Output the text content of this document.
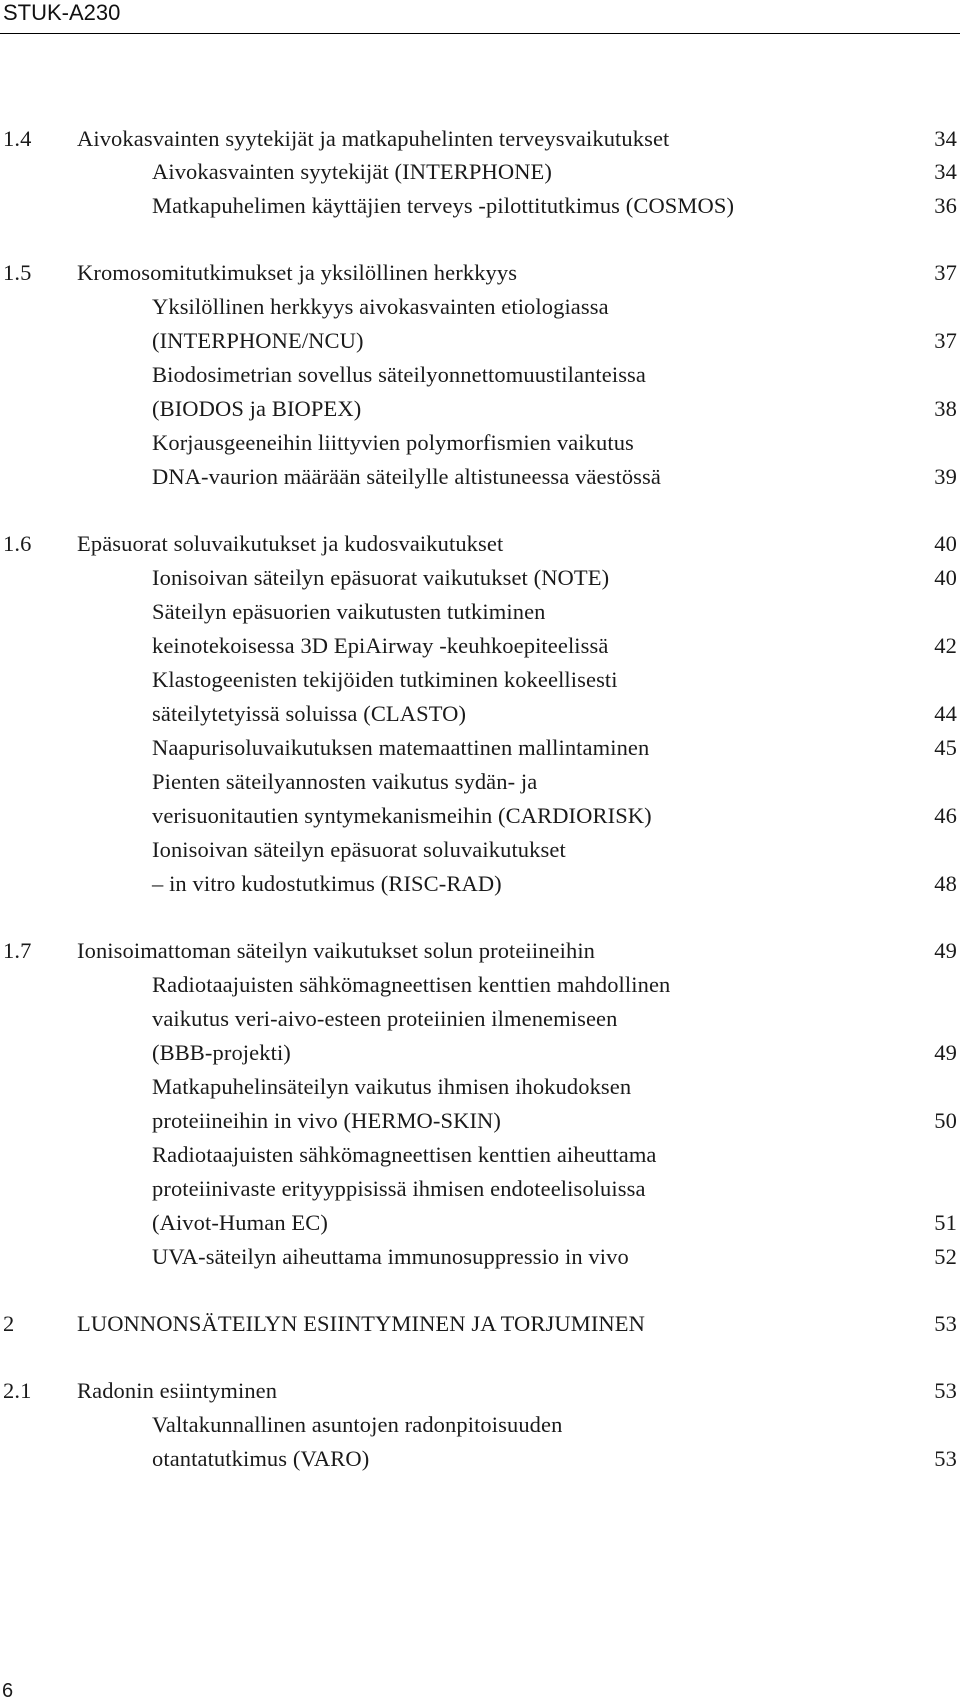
STUK-A230
1.4 Aivokasvainten syytekijät ja matkapuhelinten terveysvaikutukset	34
Aivokasvainten syytekijät (INTERPHONE)	34
Matkapuhelimen käyttäjien terveys -pilottitutkimus (COSMOS)	36
1.5 Kromosomitutkimukset ja yksilöllinen herkkyys	37
Yksilöllinen herkkyys aivokasvainten etiologiassa
(INTERPHONE/NCU)	37
Biodosimetrian sovellus säteilyonnettomuustilanteissa
(BIODOS ja BIOPEX)	38
Korjausgeeneihin liittyvien polymorfismien vaikutus
DNA-vaurion määrään säteilylle altistuneessa väestössä	39
1.6 Epäsuorat soluvaikutukset ja kudosvaikutukset	40
Ionisoivan säteilyn epäsuorat vaikutukset (NOTE)	40
Säteilyn epäsuorien vaikutusten tutkiminen
keinotekoisessa 3D EpiAirway -keuhkoepiteelissä	42
Klastogeenisten tekijöiden tutkiminen kokeellisesti
säteilytetyissä soluissa (CLASTO)	44
Naapurisoluvaikutuksen matemaattinen mallintaminen	45
Pienten säteilyannosten vaikutus sydän- ja
verisuonitautien syntymekanismeihin (CARDIORISK)	46
Ionisoivan säteilyn epäsuorat soluvaikutukset
– in vitro kudostutkimus (RISC-RAD)	48
1.7 Ionisoimattoman säteilyn vaikutukset solun proteiineihin	49
Radiotaajuisten sähkömagneettisen kenttien mahdollinen
vaikutus veri-aivo-esteen proteiinien ilmenemiseen
(BBB-projekti)	49
Matkapuhelinsäteilyn vaikutus ihmisen ihokudoksen
proteiineihin in vivo (HERMO-SKIN)	50
Radiotaajuisten sähkömagneettisen kenttien aiheuttama
proteiinivaste erityyppisissä ihmisen endoteelisoluissa
(Aivot-Human EC)	51
UVA-säteilyn aiheuttama immunosuppressio in vivo	52
2	LUONNONSÄTEILYN ESIINTYMINEN JA TORJUMINEN	53
2.1 Radonin esiintyminen	53
Valtakunnallinen asuntojen radonpitoisuuden
otantatutkimus (VARO)	53
6
